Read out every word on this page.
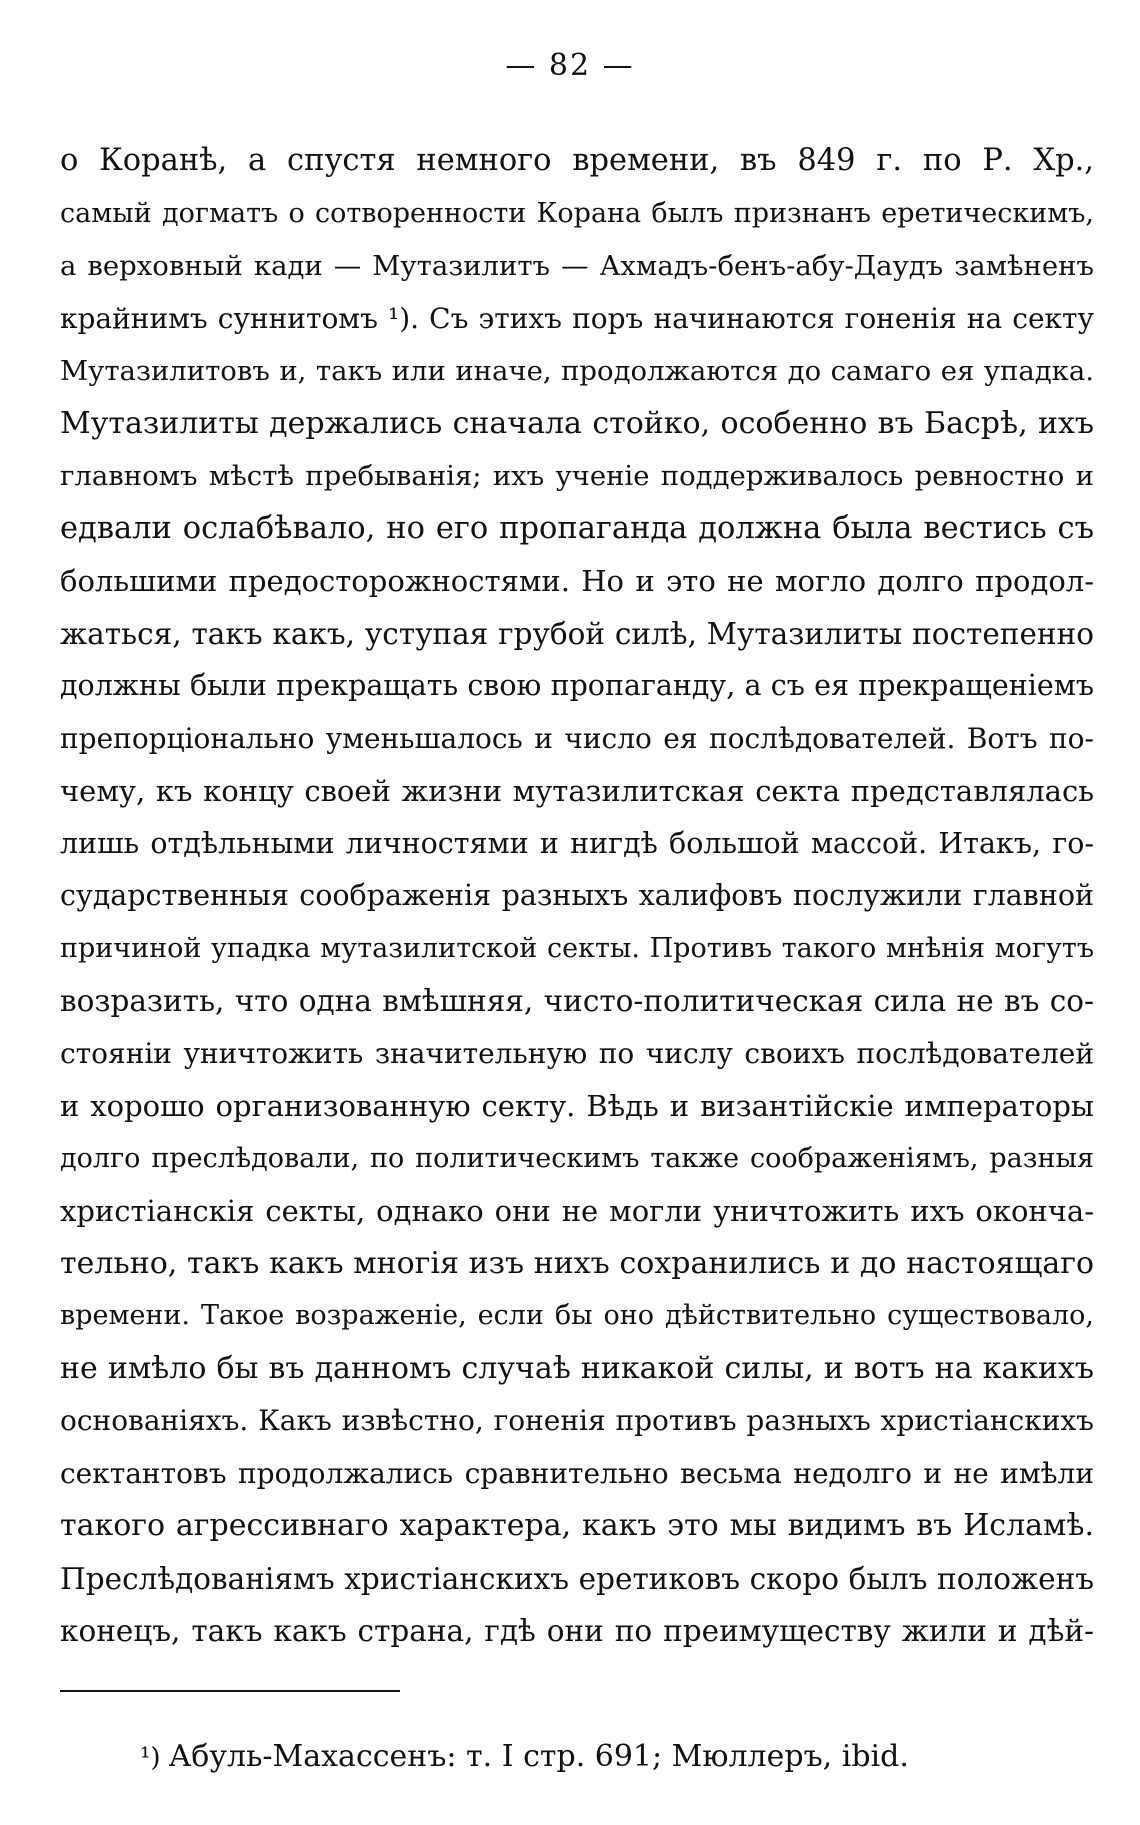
— 82 —
о Коранѣ, а спустя немного времени, въ 849 г. по Р. Хр.,
самый догматъ о сотворенности Корана былъ признанъ еретическимъ,
а верховный кади — Мутазилитъ — Ахмадъ-бенъ-абу-Даудъ замѣненъ
крайнимъ суннитомъ ¹). Съ этихъ поръ начинаются гоненія на секту
Мутазилитовъ и, такъ или иначе, продолжаются до самаго ея упадка.
Мутазилиты держались сначала стойко, особенно въ Басрѣ, ихъ
главномъ мѣстѣ пребыванія; ихъ ученіе поддерживалось ревностно и
едвали ослабѣвало, но его пропаганда должна была вестись съ
большими предосторожностями. Но и это не могло долго продол-
жаться, такъ какъ, уступая грубой силѣ, Мутазилиты постепенно
должны были прекращать свою пропаганду, а съ ея прекращеніемъ
препорціонально уменьшалось и число ея послѣдователей. Вотъ по-
чему, къ концу своей жизни мутазилитская секта представлялась
лишь отдѣльными личностями и нигдѣ большой массой. Итакъ, го-
сударственныя соображенія разныхъ халифовъ послужили главной
причиной упадка мутазилитской секты. Противъ такого мнѣнія могутъ
возразить, что одна вмѣшняя, чисто-политическая сила не въ со-
стояніи уничтожить значительную по числу своихъ послѣдователей
и хорошо организованную секту. Вѣдь и византійскіе императоры
долго преслѣдовали, по политическимъ также соображеніямъ, разныя
христіанскія секты, однако они не могли уничтожить ихъ оконча-
тельно, такъ какъ многія изъ нихъ сохранились и до настоящаго
времени. Такое возраженіе, если бы оно дѣйствительно существовало,
не имѣло бы въ данномъ случаѣ никакой силы, и вотъ на какихъ
основаніяхъ. Какъ извѣстно, гоненія противъ разныхъ христіанскихъ
сектантовъ продолжались сравнительно весьма недолго и не имѣли
такого агрессивнаго характера, какъ это мы видимъ въ Исламѣ.
Преслѣдованіямъ христіанскихъ еретиковъ скоро былъ положенъ
конецъ, такъ какъ страна, гдѣ они по преимуществу жили и дѣй-
¹) Абуль-Махассенъ: т. I стр. 691; Мюллеръ, ibid.
